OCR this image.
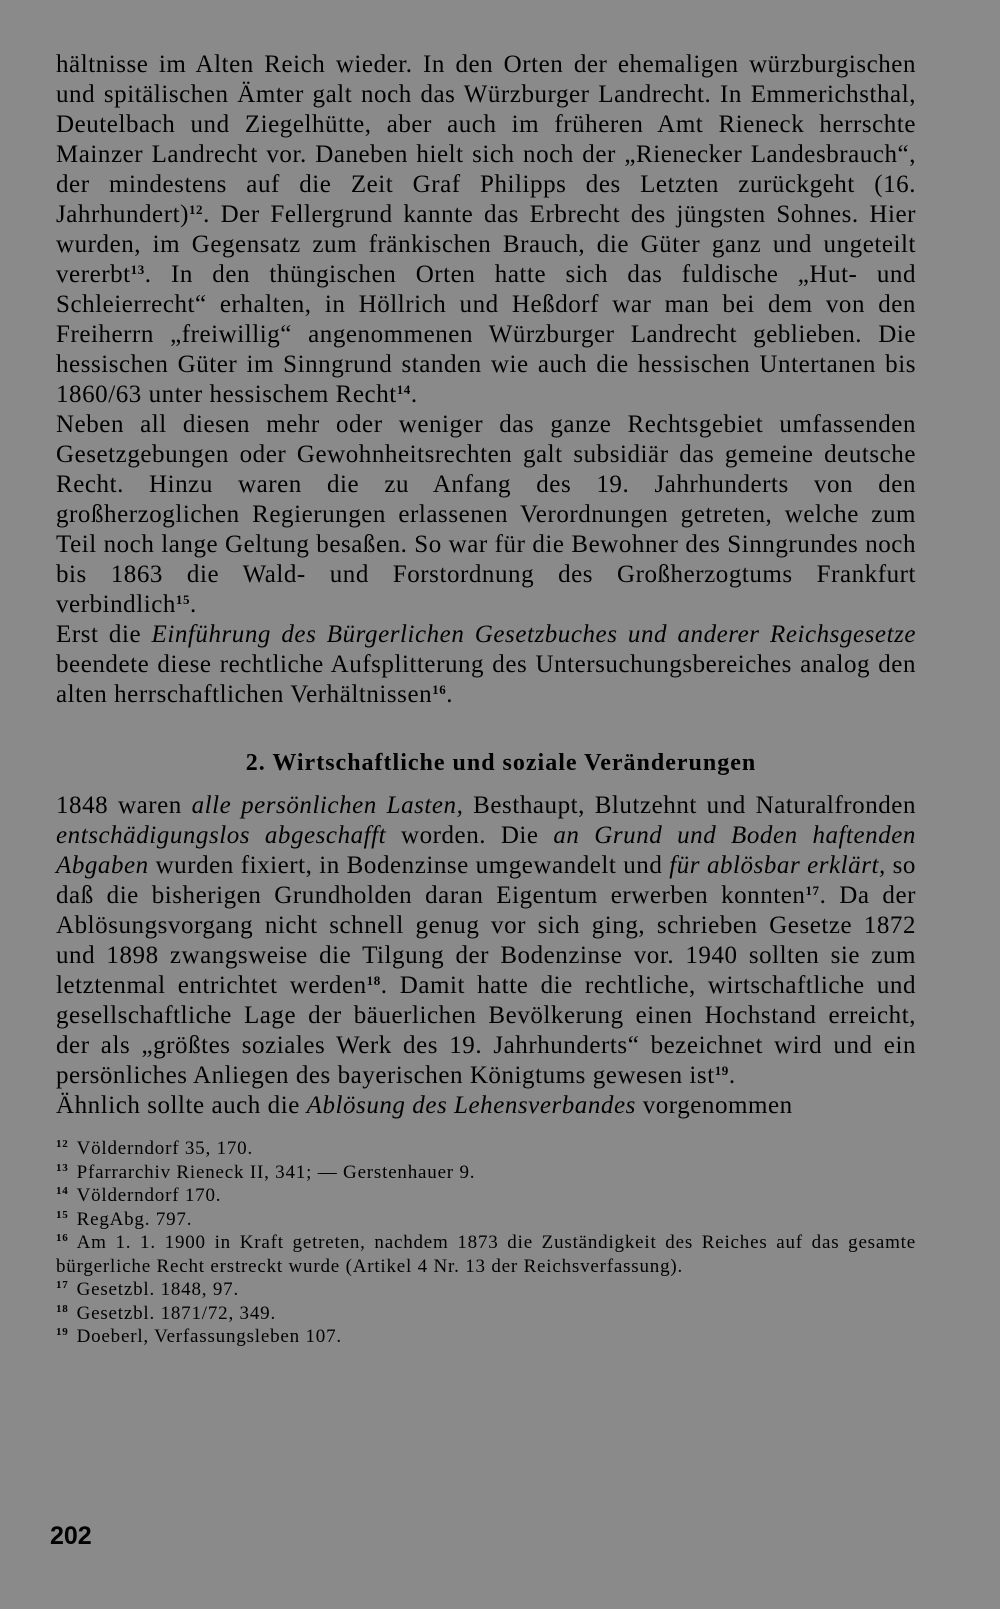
hältnisse im Alten Reich wieder. In den Orten der ehemaligen würzburgischen und spitälischen Ämter galt noch das Würzburger Landrecht. In Emmerichsthal, Deutelbach und Ziegelhütte, aber auch im früheren Amt Rieneck herrschte Mainzer Landrecht vor. Daneben hielt sich noch der „Rienecker Landesbrauch“, der mindestens auf die Zeit Graf Philipps des Letzten zurückgeht (16. Jahrhundert)$^{12}$. Der Fellergrund kannte das Erbrecht des jüngsten Sohnes. Hier wurden, im Gegensatz zum fränkischen Brauch, die Güter ganz und ungeteilt vererbt$^{13}$. In den thüngischen Orten hatte sich das fuldische „Hut- und Schleierrecht“ erhalten, in Höllrich und Heßdorf war man bei dem von den Freiherrn „freiwillig“ angenommenen Würzburger Landrecht geblieben. Die hessischen Güter im Sinngrund standen wie auch die hessischen Untertanen bis 1860/63 unter hessischem Recht$^{14}$.

Neben all diesen mehr oder weniger das ganze Rechtsgebiet umfassenden Gesetzgebungen oder Gewohnheitsrechten galt subsidiär das gemeine deutsche Recht. Hinzu waren die zu Anfang des 19. Jahrhunderts von den großherzoglichen Regierungen erlassenen Verordnungen getreten, welche zum Teil noch lange Geltung besaßen. So war für die Bewohner des Sinngrundes noch bis 1863 die Wald- und Forstordnung des Großherzogtums Frankfurt verbindlich$^{15}$.

Erst die Einführung des Bürgerlichen Gesetzbuches und anderer Reichsgesetze beendete diese rechtliche Aufsplitterung des Untersuchungsbereiches analog den alten herrschaftlichen Verhältnissen$^{16}$.

2. Wirtschaftliche und soziale Veränderungen

1848 waren alle persönlichen Lasten, Besthaupt, Blutzehnt und Naturalfronden entschädigungslos abgeschafft worden. Die an Grund und Boden haftenden Abgaben wurden fixiert, in Bodenzinse umgewandelt und für ablösbar erklärt, so daß die bisherigen Grundholden daran Eigentum erwerben konnten$^{17}$. Da der Ablösungsvorgang nicht schnell genug vor sich ging, schrieben Gesetze 1872 und 1898 zwangsweise die Tilgung der Bodenzinse vor. 1940 sollten sie zum letztenmal entrichtet werden$^{18}$. Damit hatte die rechtliche, wirtschaftliche und gesellschaftliche Lage der bäuerlichen Bevölkerung einen Hochstand erreicht, der als „größtes soziales Werk des 19. Jahrhunderts“ bezeichnet wird und ein persönliches Anliegen des bayerischen Königtums gewesen ist$^{19}$.

Ähnlich sollte auch die Ablösung des Lehensverbandes vorgenommen

$^{12}$ Völderndorf 35, 170.

$^{13}$ Pfarrarchiv Rieneck II, 341; — Gerstenhauer 9.

$^{14}$ Völderndorf 170.

$^{15}$ RegAbg. 797.

$^{16}$ Am 1. 1. 1900 in Kraft getreten, nachdem 1873 die Zuständigkeit des Reiches auf das gesamte bürgerliche Recht erstreckt wurde (Artikel 4 Nr. 13 der Reichsverfassung).

$^{17}$ Gesetzbl. 1848, 97.

$^{18}$ Gesetzbl. 1871/72, 349.

$^{19}$ Doeberl, Verfassungsleben 107.

202
